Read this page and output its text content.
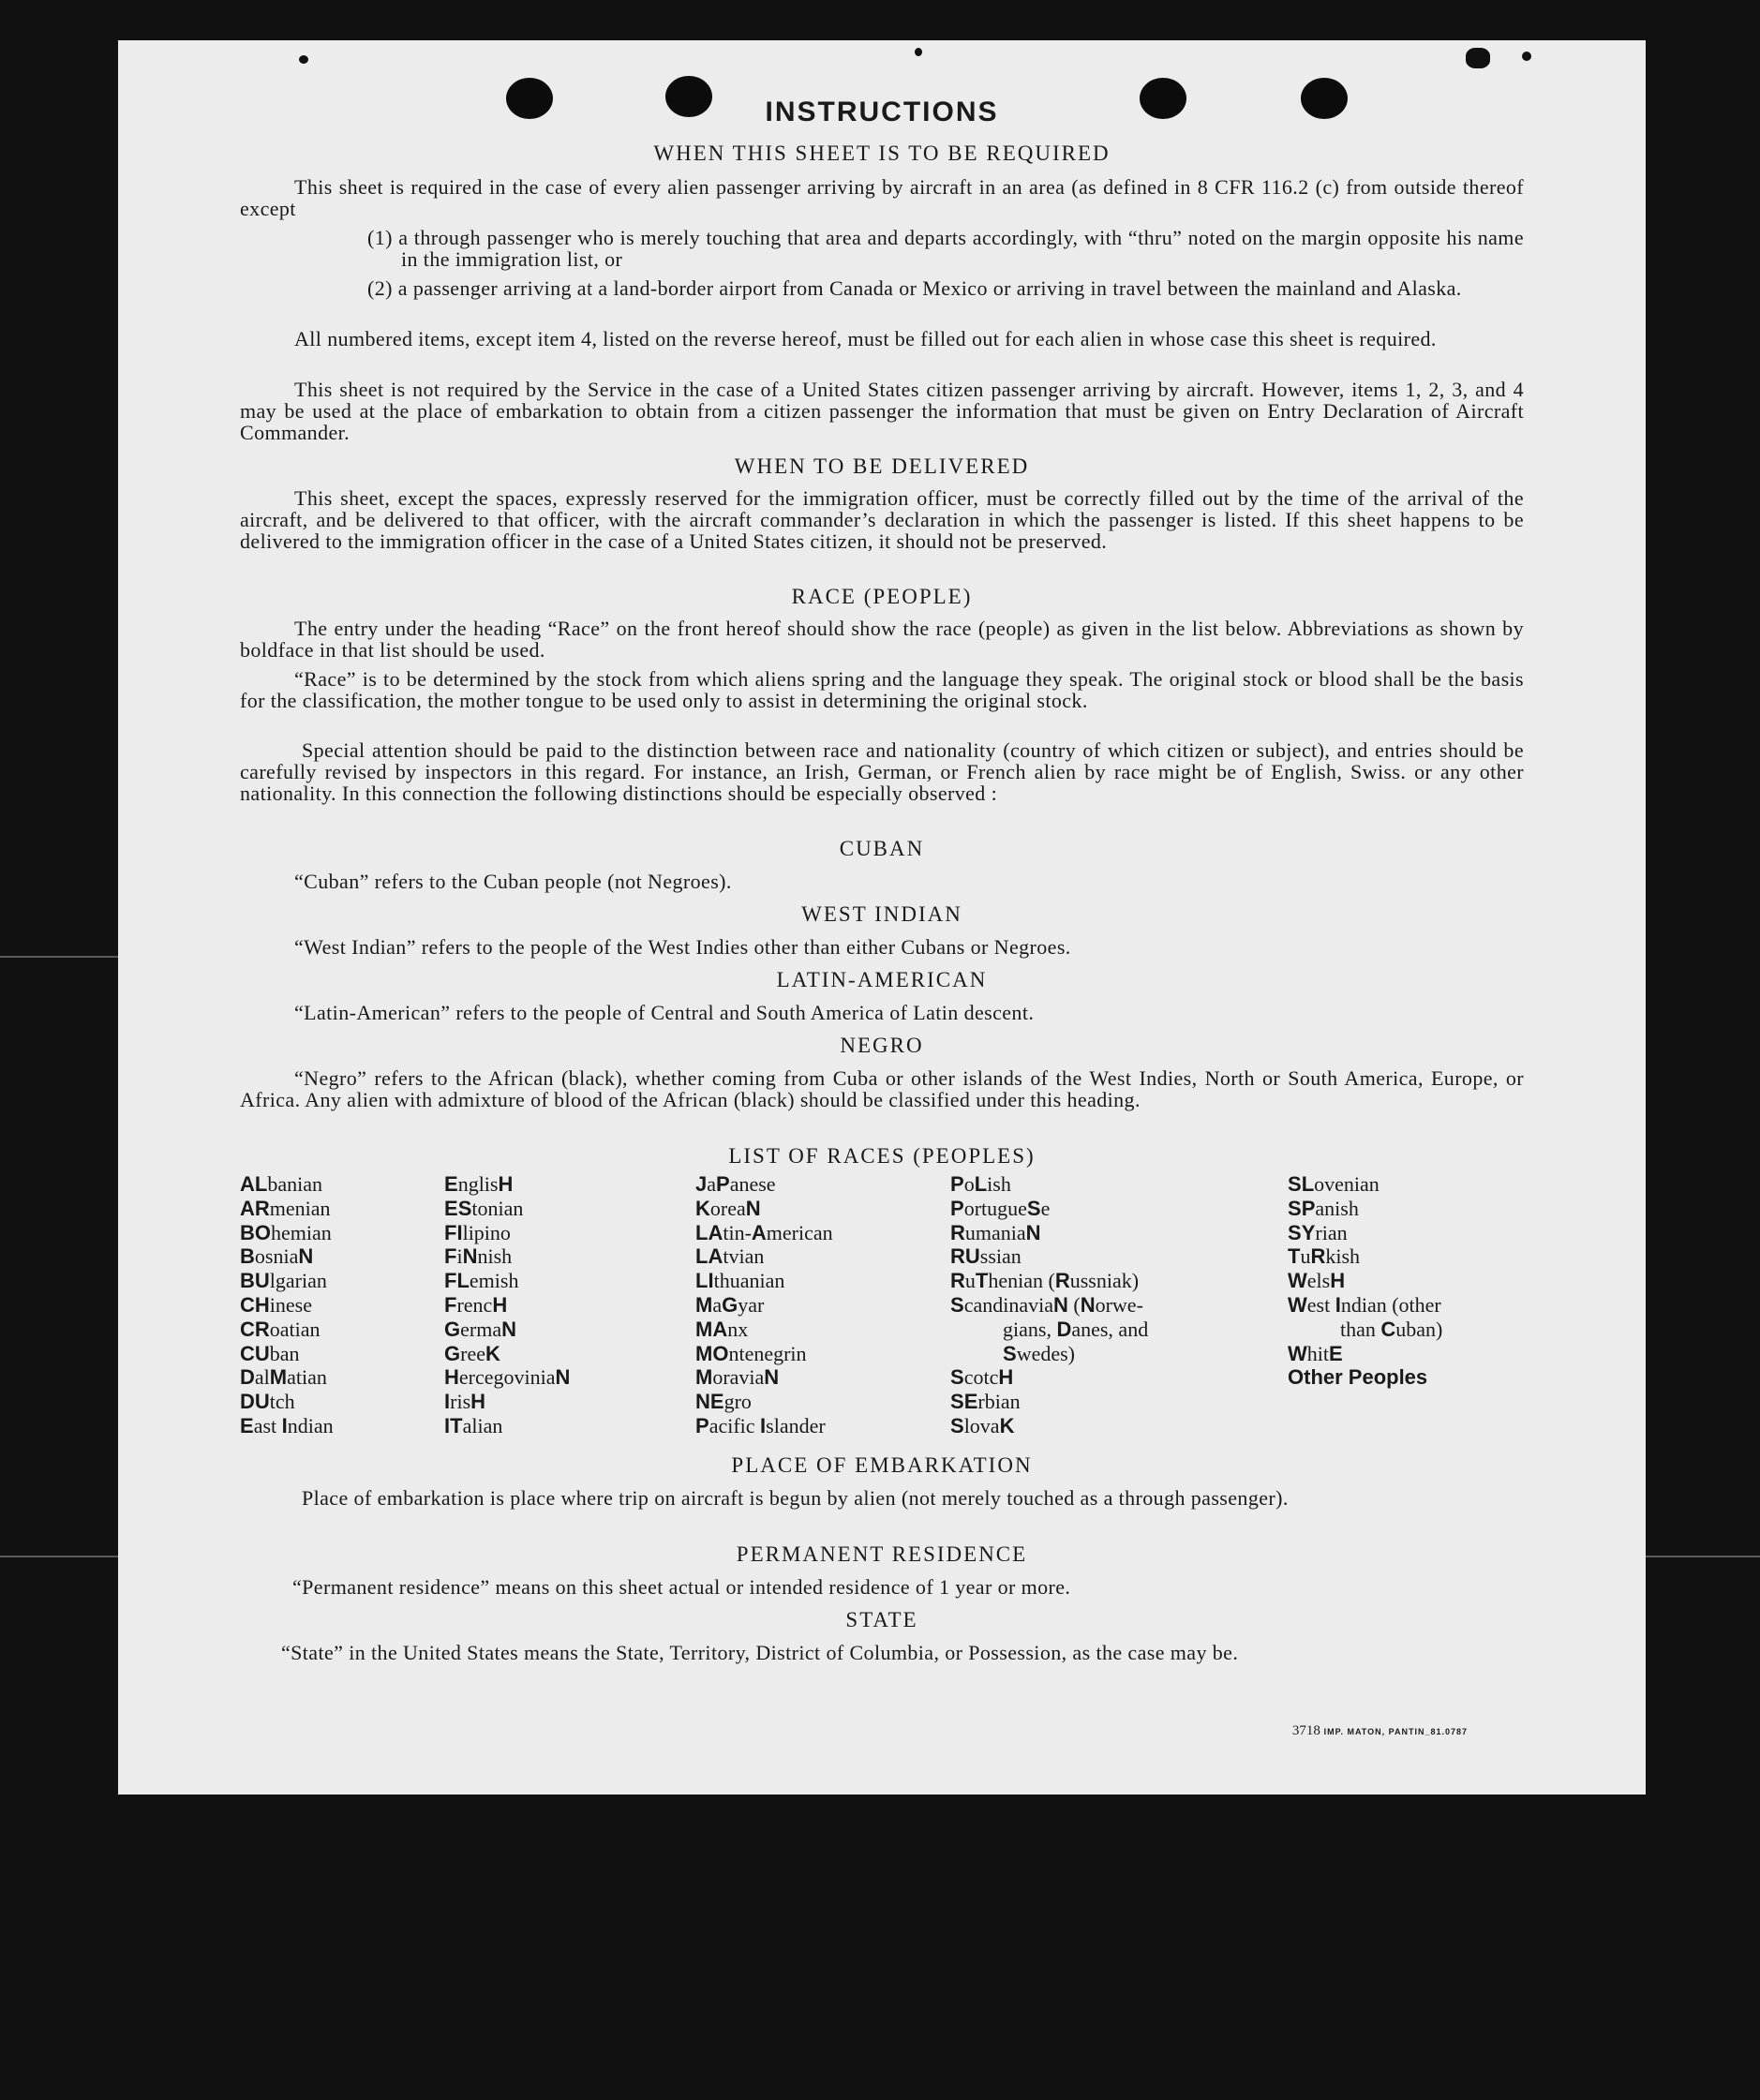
INSTRUCTIONS
WHEN THIS SHEET IS TO BE REQUIRED
This sheet is required in the case of every alien passenger arriving by aircraft in an area (as defined in 8 CFR 116.2 (c) from outside thereof except
(1) a through passenger who is merely touching that area and departs accordingly, with “thru” noted on the margin opposite his name in the immigration list, or
(2) a passenger arriving at a land-border airport from Canada or Mexico or arriving in travel between the mainland and Alaska.
All numbered items, except item 4, listed on the reverse hereof, must be filled out for each alien in whose case this sheet is required.
This sheet is not required by the Service in the case of a United States citizen passenger arriving by aircraft. However, items 1, 2, 3, and 4 may be used at the place of embarkation to obtain from a citizen passenger the information that must be given on Entry Declaration of Aircraft Commander.
WHEN TO BE DELIVERED
This sheet, except the spaces, expressly reserved for the immigration officer, must be correctly filled out by the time of the arrival of the aircraft, and be delivered to that officer, with the aircraft commander’s declaration in which the passenger is listed. If this sheet happens to be delivered to the immigration officer in the case of a United States citizen, it should not be preserved.
RACE (PEOPLE)
The entry under the heading “Race” on the front hereof should show the race (people) as given in the list below. Abbreviations as shown by boldface in that list should be used.
“Race” is to be determined by the stock from which aliens spring and the language they speak. The original stock or blood shall be the basis for the classification, the mother tongue to be used only to assist in determining the original stock.
Special attention should be paid to the distinction between race and nationality (country of which citizen or subject), and entries should be carefully revised by inspectors in this regard. For instance, an Irish, German, or French alien by race might be of English, Swiss. or any other nationality. In this connection the following distinctions should be especially observed :
CUBAN
“Cuban” refers to the Cuban people (not Negroes).
WEST INDIAN
“West Indian” refers to the people of the West Indies other than either Cubans or Negroes.
LATIN-AMERICAN
“Latin-American” refers to the people of Central and South America of Latin descent.
NEGRO
“Negro” refers to the African (black), whether coming from Cuba or other islands of the West Indies, North or South America, Europe, or Africa. Any alien with admixture of blood of the African (black) should be classified under this heading.
LIST OF RACES (PEOPLES)
ALbanian
ARmenian
BOhemian
BosniaN
BUlgarian
CHinese
CRoatian
CUban
DalMatian
DUtch
East Indian
EnglisH
EStonian
FIlipino
FiNnish
FLemish
FrencH
GermaN
GreeK
HercegoviniaN
IrisH
ITalian
JaPanese
KoreaN
LAtin-American
LAtvian
LIthuanian
MaGyar
MAnx
MOntenegrin
MoraviaN
NEgro
Pacific Islander
PoLish
PortugueSe
RumaniaN
RUssian
RuThenian (Russniak)
ScandinaviaN (Norwe-
gians, Danes, and
Swedes)
ScotcH
SErbian
SlovaK
SLovenian
SPanish
SYrian
TuRkish
WelsH
West Indian (other
than Cuban)
WhitE
Other Peoples
PLACE OF EMBARKATION
Place of embarkation is place where trip on aircraft is begun by alien (not merely touched as a through passenger).
PERMANENT RESIDENCE
“Permanent residence” means on this sheet actual or intended residence of 1 year or more.
STATE
“State” in the United States means the State, Territory, District of Columbia, or Possession, as the case may be.
3718 IMP. MATON, PANTIN_81.0787
